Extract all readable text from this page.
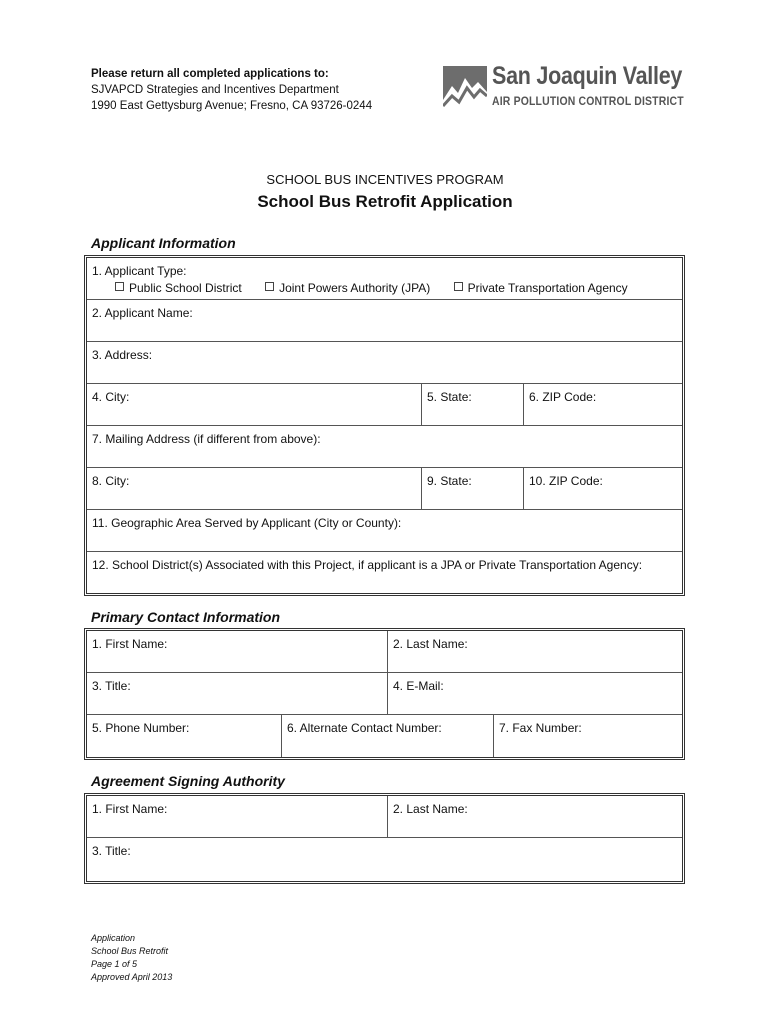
Please return all completed applications to:
SJVAPCD Strategies and Incentives Department
1990 East Gettysburg Avenue; Fresno, CA 93726-0244
San Joaquin Valley
AIR POLLUTION CONTROL DISTRICT
SCHOOL BUS INCENTIVES PROGRAM
School Bus Retrofit Application
Applicant Information
1. Applicant Type:
Public School District	Joint Powers Authority (JPA)	Private Transportation Agency
2. Applicant Name:
3. Address:
4. City:	5. State:	6. ZIP Code:
7. Mailing Address (if different from above):
8. City:	9. State:	10. ZIP Code:
11. Geographic Area Served by Applicant (City or County):
12. School District(s) Associated with this Project, if applicant is a JPA or Private Transportation Agency:
Primary Contact Information
1. First Name:	2. Last Name:
3. Title:	4. E-Mail:
5. Phone Number:	6. Alternate Contact Number:	7. Fax Number:
Agreement Signing Authority
1. First Name:	2. Last Name:
3. Title:
Application
School Bus Retrofit
Page 1 of 5
Approved April 2013
